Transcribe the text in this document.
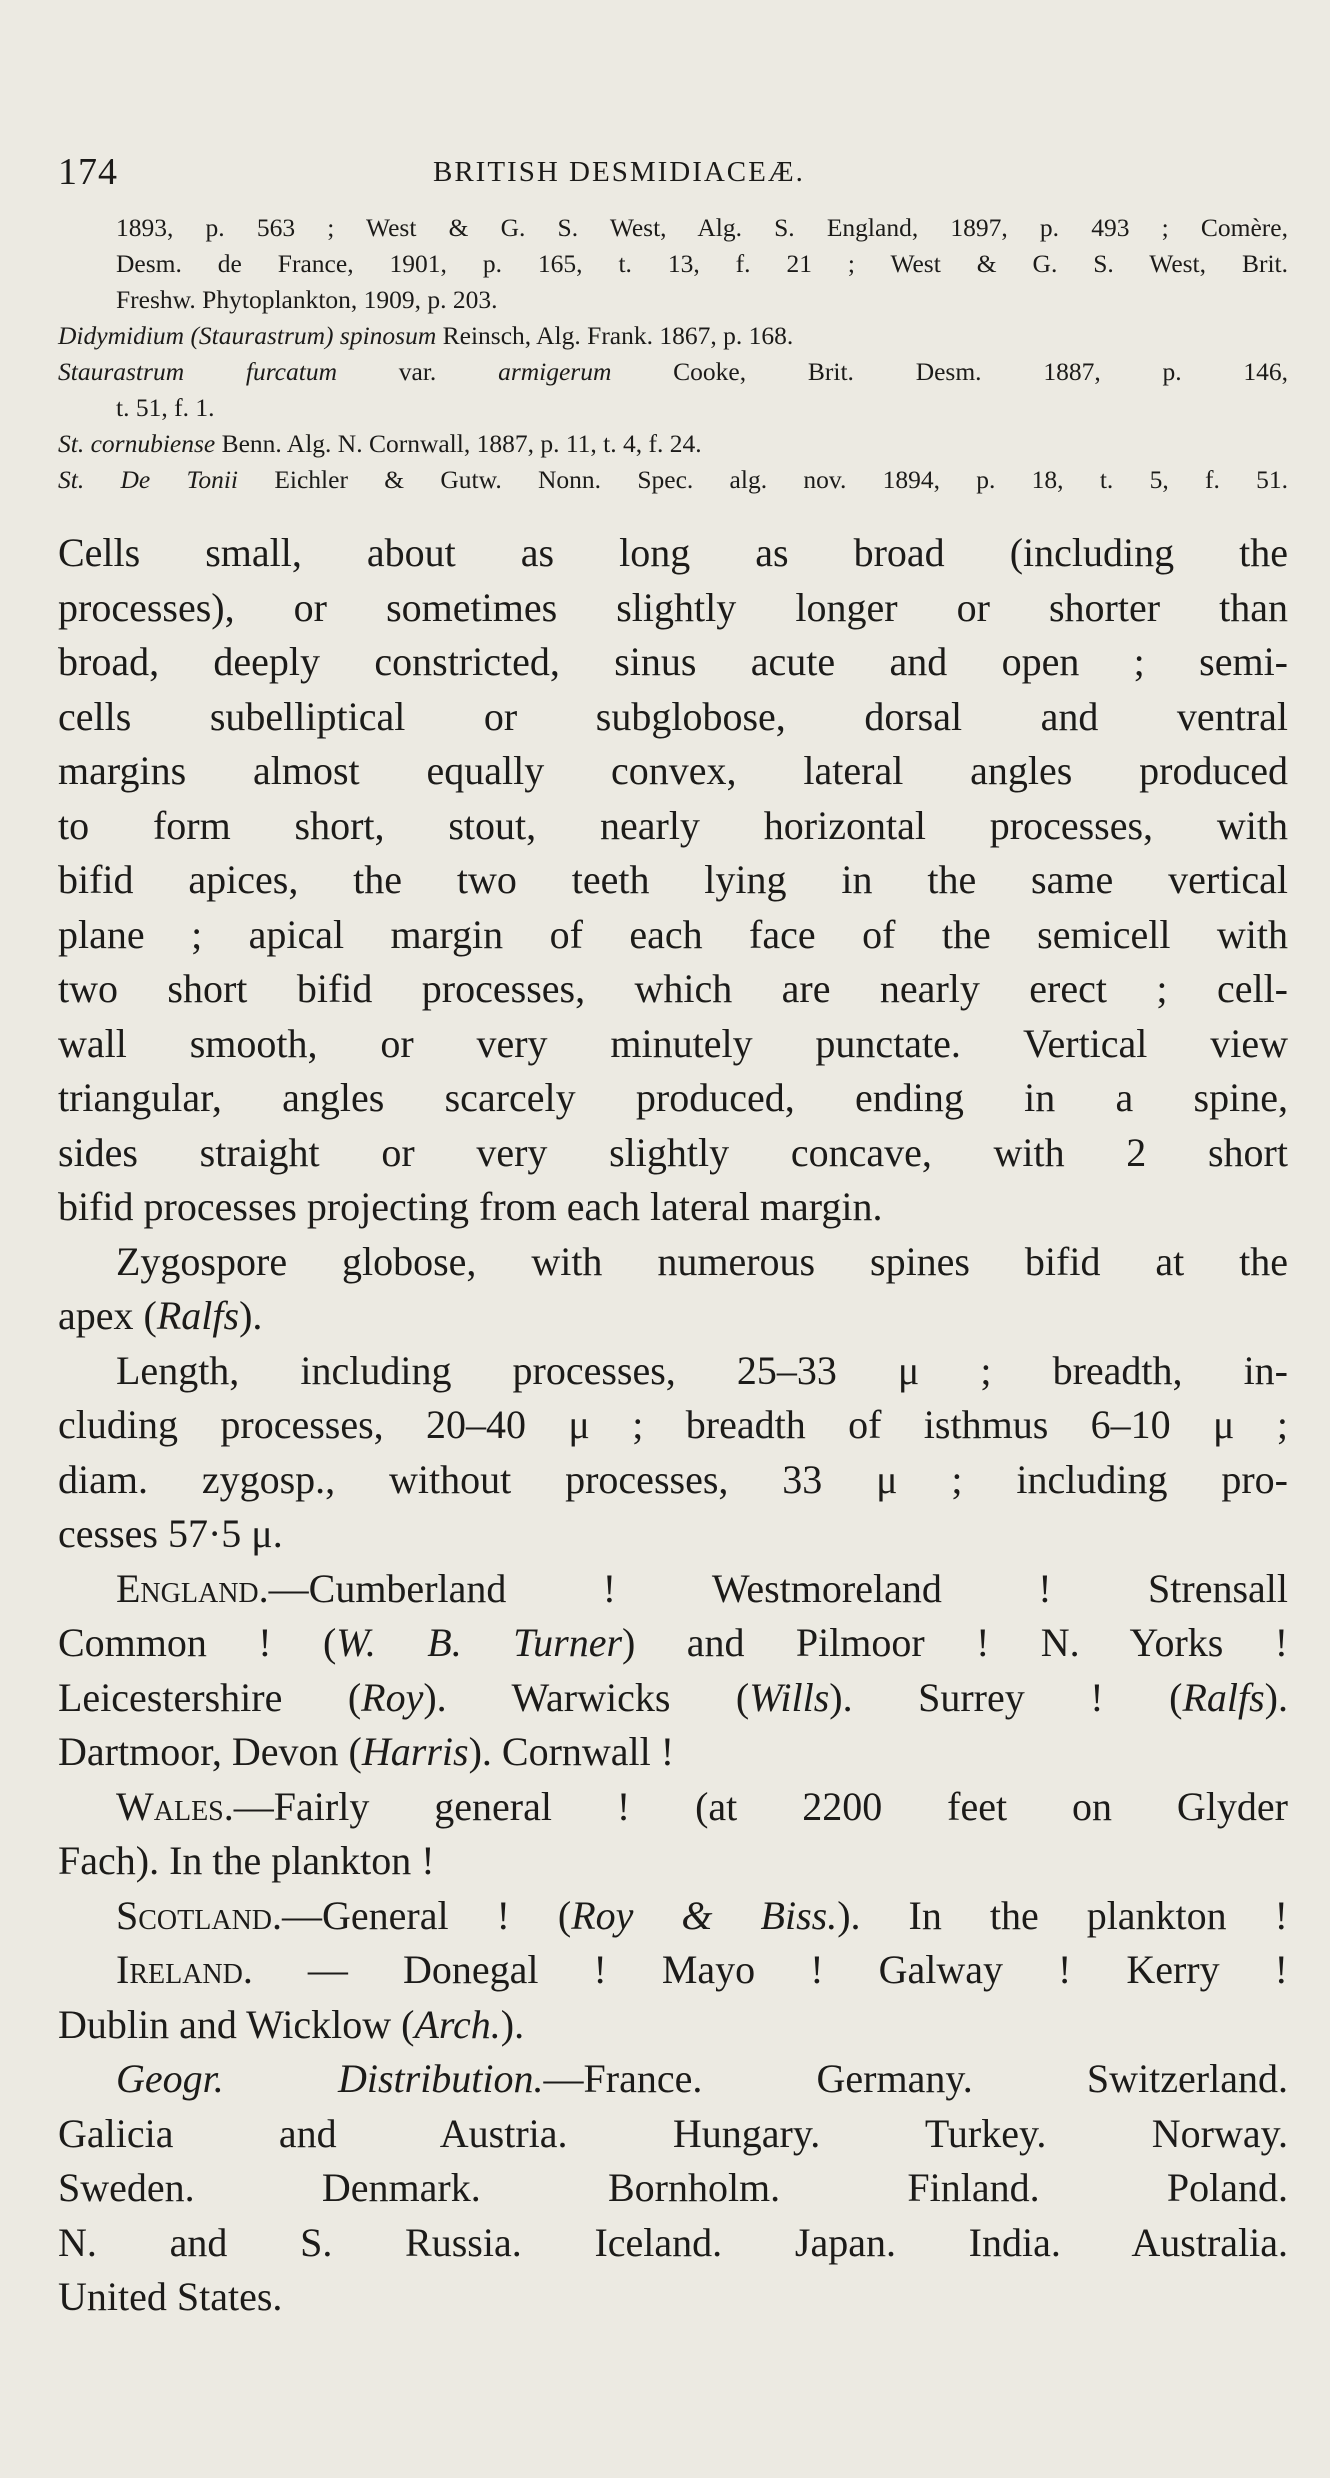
174	BRITISH DESMIDIACEÆ.
1893, p. 563 ; West & G. S. West, Alg. S. England, 1897, p. 493 ; Comère,
Desm. de France, 1901, p. 165, t. 13, f. 21 ; West & G. S. West, Brit.
Freshw. Phytoplankton, 1909, p. 203.
Didymidium (Staurastrum) spinosum Reinsch, Alg. Frank. 1867, p. 168.
Staurastrum furcatum var. armigerum Cooke, Brit. Desm. 1887, p. 146,
t. 51, f. 1.
St. cornubiense Benn. Alg. N. Cornwall, 1887, p. 11, t. 4, f. 24.
St. De Tonii Eichler & Gutw. Nonn. Spec. alg. nov. 1894, p. 18, t. 5, f. 51.
Cells small, about as long as broad (including the
processes), or sometimes slightly longer or shorter than
broad, deeply constricted, sinus acute and open ; semi-
cells subelliptical or subglobose, dorsal and ventral
margins almost equally convex, lateral angles produced
to form short, stout, nearly horizontal processes, with
bifid apices, the two teeth lying in the same vertical
plane ; apical margin of each face of the semicell with
two short bifid processes, which are nearly erect ; cell-
wall smooth, or very minutely punctate. Vertical view
triangular, angles scarcely produced, ending in a spine,
sides straight or very slightly concave, with 2 short
bifid processes projecting from each lateral margin.
Zygospore globose, with numerous spines bifid at the
apex (Ralfs).
Length, including processes, 25–33 μ ; breadth, in-
cluding processes, 20–40 μ ; breadth of isthmus 6–10 μ ;
diam. zygosp., without processes, 33 μ ; including pro-
cesses 57·5 μ.
England.—Cumberland ! Westmoreland ! Strensall
Common ! (W. B. Turner) and Pilmoor ! N. Yorks !
Leicestershire (Roy). Warwicks (Wills). Surrey ! (Ralfs).
Dartmoor, Devon (Harris). Cornwall !
Wales.—Fairly general ! (at 2200 feet on Glyder
Fach). In the plankton !
Scotland.—General ! (Roy & Biss.). In the plankton !
Ireland. — Donegal ! Mayo ! Galway ! Kerry !
Dublin and Wicklow (Arch.).
Geogr. Distribution.—France. Germany. Switzerland.
Galicia and Austria. Hungary. Turkey. Norway.
Sweden. Denmark. Bornholm. Finland. Poland.
N. and S. Russia. Iceland. Japan. India. Australia.
United States.
